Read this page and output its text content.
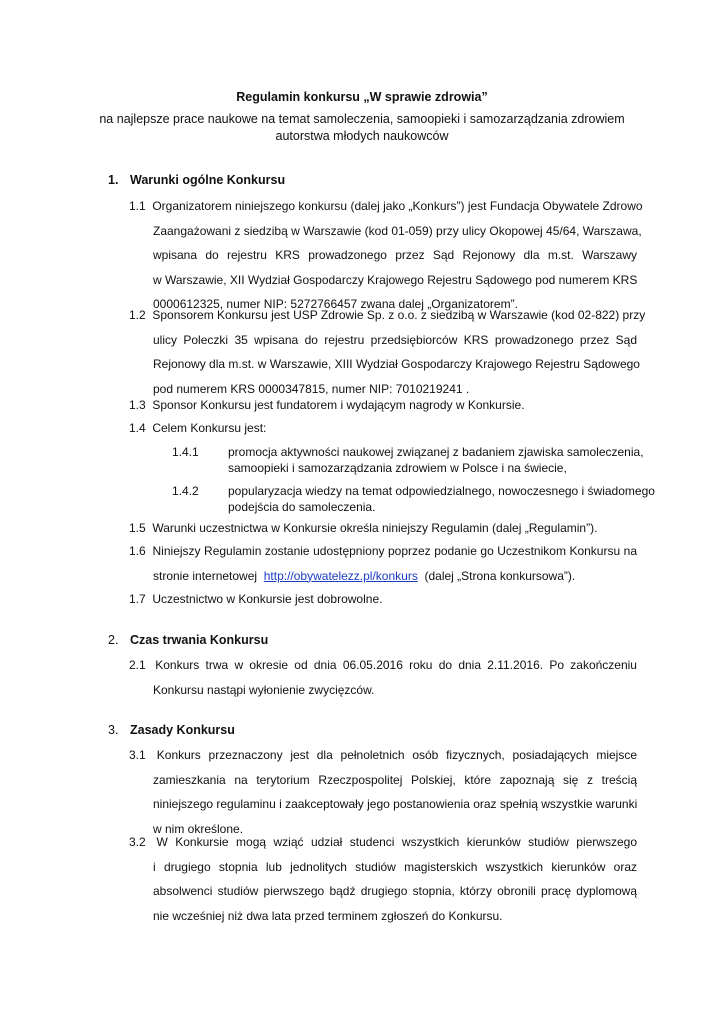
Regulamin konkursu „W sprawie zdrowia”
na najlepsze prace naukowe na temat samoleczenia, samoopieki i samozarządzania zdrowiem
autorstwa młodych naukowców
1. Warunki ogólne Konkursu
1.1 Organizatorem niniejszego konkursu (dalej jako „Konkurs”) jest Fundacja Obywatele Zdrowo
Zaangażowani z siedzibą w Warszawie (kod 01-059) przy ulicy Okopowej 45/64, Warszawa,
wpisana do rejestru KRS prowadzonego przez Sąd Rejonowy dla m.st. Warszawy
w Warszawie, XII Wydział Gospodarczy Krajowego Rejestru Sądowego pod numerem KRS
0000612325, numer NIP: 5272766457 zwana dalej „Organizatorem”.
1.2 Sponsorem Konkursu jest USP Zdrowie Sp. z o.o. z siedzibą w Warszawie (kod 02-822) przy
ulicy Poleczki 35 wpisana do rejestru przedsiębiorców KRS prowadzonego przez Sąd
Rejonowy dla m.st. w Warszawie, XIII Wydział Gospodarczy Krajowego Rejestru Sądowego
pod numerem KRS 0000347815, numer NIP: 7010219241 .
1.3 Sponsor Konkursu jest fundatorem i wydającym nagrody w Konkursie.
1.4 Celem Konkursu jest:
1.4.1 promocja aktywności naukowej związanej z badaniem zjawiska samoleczenia,
samoopieki i samozarządzania zdrowiem w Polsce i na świecie,
1.4.2 popularyzacja wiedzy na temat odpowiedzialnego, nowoczesnego i świadomego
podejścia do samoleczenia.
1.5 Warunki uczestnictwa w Konkursie określa niniejszy Regulamin (dalej „Regulamin”).
1.6 Niniejszy Regulamin zostanie udostępniony poprzez podanie go Uczestnikom Konkursu na
stronie internetowej http://obywatelezz.pl/konkurs (dalej „Strona konkursowa”).
1.7 Uczestnictwo w Konkursie jest dobrowolne.
2. Czas trwania Konkursu
2.1 Konkurs trwa w okresie od dnia 06.05.2016 roku do dnia 2.11.2016. Po zakończeniu
Konkursu nastąpi wyłonienie zwycięzców.
3. Zasady Konkursu
3.1 Konkurs przeznaczony jest dla pełnoletnich osób fizycznych, posiadających miejsce
zamieszkania na terytorium Rzeczpospolitej Polskiej, które zapoznają się z treścią
niniejszego regulaminu i zaakceptowały jego postanowienia oraz spełnią wszystkie warunki
w nim określone.
3.2 W Konkursie mogą wziąć udział studenci wszystkich kierunków studiów pierwszego
i drugiego stopnia lub jednolitych studiów magisterskich wszystkich kierunków oraz
absolwenci studiów pierwszego bądź drugiego stopnia, którzy obronili pracę dyplomową
nie wcześniej niż dwa lata przed terminem zgłoszeń do Konkursu.
